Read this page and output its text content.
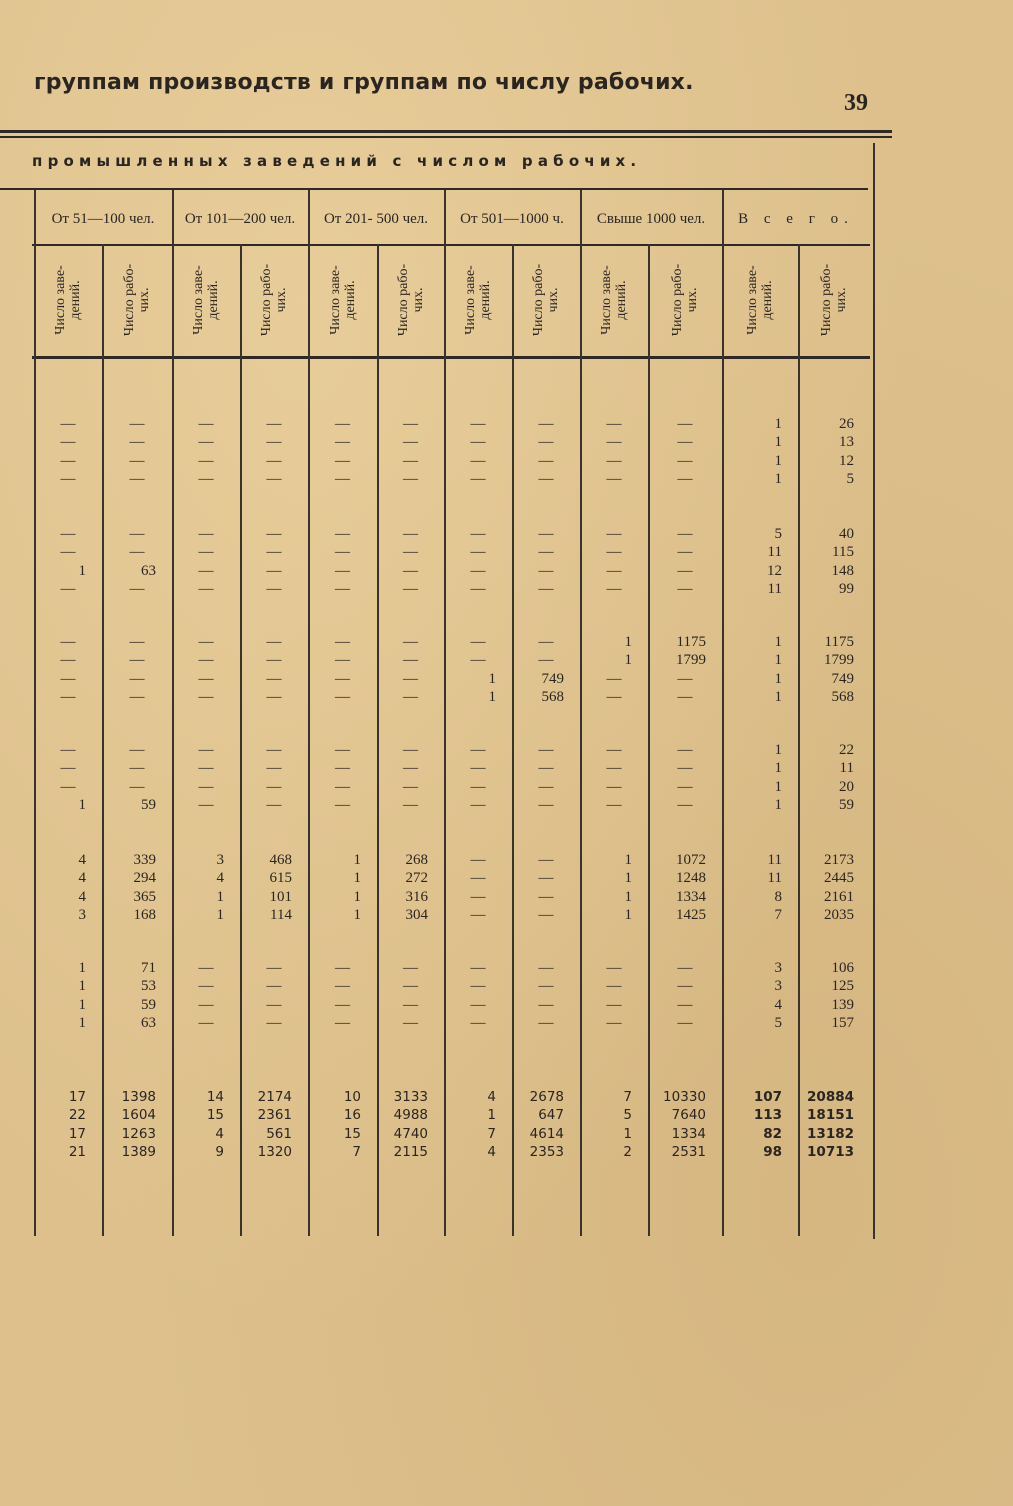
группам производств и группам по числу рабочих.
39
промышленных заведений с числом рабочих.
От 51—100 чел.	От 101—200 чел.	От 201- 500 чел.	От 501—1000 ч.	Свыше 1000 чел.	В с е г о.
Число заве-
дений.	Число рабо-
чих.	Число заве-
дений.	Число рабо-
чих.	Число заве-
дений.	Число рабо-
чих.	Число заве-
дений.	Число рабо-
чих.	Число заве-
дений.	Число рабо-
чих.	Число заве-
дений.	Число рабо-
чих.
—	—	—	—	—	—	—	—	—	—	1	26
—	—	—	—	—	—	—	—	—	—	1	13
—	—	—	—	—	—	—	—	—	—	1	12
—	—	—	—	—	—	—	—	—	—	1	5
—	—	—	—	—	—	—	—	—	—	5	40
—	—	—	—	—	—	—	—	—	—	11	115
1	63	—	—	—	—	—	—	—	—	12	148
—	—	—	—	—	—	—	—	—	—	11	99
—	—	—	—	—	—	—	—	1	1175	1	1175
—	—	—	—	—	—	—	—	1	1799	1	1799
—	—	—	—	—	—	1	749	—	—	1	749
—	—	—	—	—	—	1	568	—	—	1	568
—	—	—	—	—	—	—	—	—	—	1	22
—	—	—	—	—	—	—	—	—	—	1	11
—	—	—	—	—	—	—	—	—	—	1	20
1	59	—	—	—	—	—	—	—	—	1	59
4	339	3	468	1	268	—	—	1	1072	11	2173
4	294	4	615	1	272	—	—	1	1248	11	2445
4	365	1	101	1	316	—	—	1	1334	8	2161
3	168	1	114	1	304	—	—	1	1425	7	2035
1	71	—	—	—	—	—	—	—	—	3	106
1	53	—	—	—	—	—	—	—	—	3	125
1	59	—	—	—	—	—	—	—	—	4	139
1	63	—	—	—	—	—	—	—	—	5	157
17	1398	14	2174	10	3133	4	2678	7	10330	107	20884
22	1604	15	2361	16	4988	1	647	5	7640	113	18151
17	1263	4	561	15	4740	7	4614	1	1334	82	13182
21	1389	9	1320	7	2115	4	2353	2	2531	98	10713
